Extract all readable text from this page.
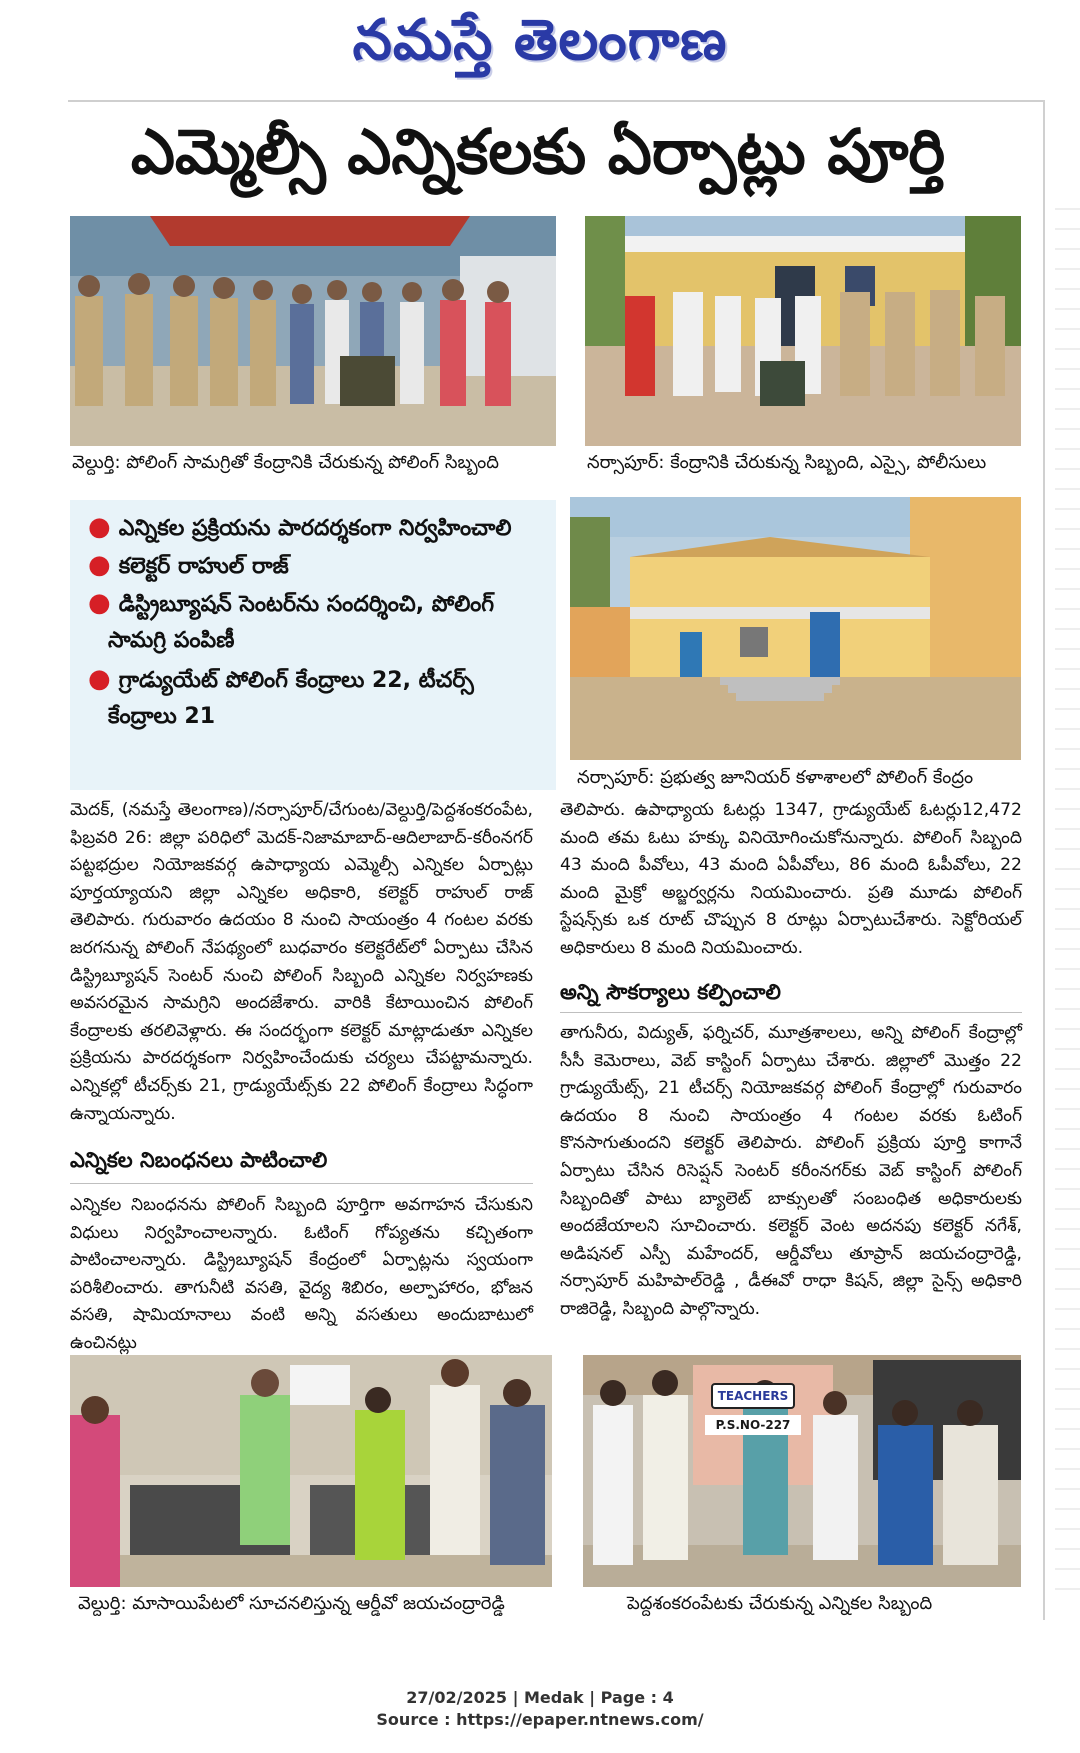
నమస్తే తెలంగాణ
ఎమ్మెల్సీ ఎన్నికలకు ఏర్పాట్లు పూర్తి
వెల్దుర్తి: పోలింగ్ సామగ్రితో కేంద్రానికి చేరుకున్న పోలింగ్ సిబ్బంది	నర్సాపూర్: కేంద్రానికి చేరుకున్న సిబ్బంది, ఎస్సై, పోలీసులు
● ఎన్నికల ప్రక్రియను పారదర్శకంగా నిర్వహించాలి
● కలెక్టర్ రాహుల్ రాజ్
● డిస్ట్రిబ్యూషన్ సెంటర్‌ను సందర్శించి, పోలింగ్
సామగ్రి పంపిణీ
● గ్రాడ్యుయేట్ పోలింగ్ కేంద్రాలు 22, టీచర్స్
కేంద్రాలు 21
నర్సాపూర్: ప్రభుత్వ జూనియర్ కళాశాలలో పోలింగ్ కేంద్రం

మెదక్, (నమస్తే తెలంగాణ)/నర్సాపూర్/చేగుంట/వెల్దుర్తి/పెద్దశంకరంపేట, ఫిబ్రవరి 26: జిల్లా పరిధిలో మెదక్-నిజామాబాద్-ఆదిలాబాద్-కరీంనగర్ పట్టభద్రుల నియోజకవర్గ ఉపాధ్యాయ ఎమ్మెల్సీ ఎన్నికల ఏర్పాట్లు పూర్తయ్యాయని జిల్లా ఎన్నికల అధికారి, కలెక్టర్ రాహుల్ రాజ్ తెలిపారు. గురువారం ఉదయం 8 నుంచి సాయంత్రం 4 గంటల వరకు జరగనున్న పోలింగ్ నేపథ్యంలో బుధవారం కలెక్టరేట్‌లో ఏర్పాటు చేసిన డిస్ట్రిబ్యూషన్ సెంటర్ నుంచి పోలింగ్ సిబ్బంది ఎన్నికల నిర్వహణకు అవసరమైన సామగ్రిని అందజేశారు. వారికి కేటాయించిన పోలింగ్ కేంద్రాలకు తరలివెళ్లారు. ఈ సందర్భంగా కలెక్టర్ మాట్లాడుతూ ఎన్నికల ప్రక్రియను పారదర్శకంగా నిర్వహించేందుకు చర్యలు చేపట్టామన్నారు. ఎన్నికల్లో టీచర్స్‌కు 21, గ్రాడ్యుయేట్స్‌కు 22 పోలింగ్ కేంద్రాలు సిద్ధంగా ఉన్నాయన్నారు.

ఎన్నికల నిబంధనలు పాటించాలి

ఎన్నికల నిబంధనను పోలింగ్ సిబ్బంది పూర్తిగా అవగాహన చేసుకుని విధులు నిర్వహించాలన్నారు. ఓటింగ్ గోప్యతను కచ్చితంగా పాటించాలన్నారు. డిస్ట్రిబ్యూషన్ కేంద్రంలో ఏర్పాట్లను స్వయంగా పరిశీలించారు. తాగునీటి వసతి, వైద్య శిబిరం, అల్పాహారం, భోజన వసతి, షామియానాలు వంటి అన్ని వసతులు అందుబాటులో ఉంచినట్లు

తెలిపారు. ఉపాధ్యాయ ఓటర్లు 1347, గ్రాడ్యుయేట్ ఓటర్లు12,472 మంది తమ ఓటు హక్కు వినియోగించుకోనున్నారు. పోలింగ్ సిబ్బంది 43 మంది పీవోలు, 43 మంది ఏపీవోలు, 86 మంది ఓపీవోలు, 22 మంది మైక్రో అబ్జర్వర్లను నియమించారు. ప్రతి మూడు పోలింగ్ స్టేషన్స్‌కు ఒక రూట్ చొప్పున 8 రూట్లు ఏర్పాటుచేశారు. సెక్టోరియల్ అధికారులు 8 మంది నియమించారు.

అన్ని సౌకర్యాలు కల్పించాలి

తాగునీరు, విద్యుత్, ఫర్నిచర్, మూత్రశాలలు, అన్ని పోలింగ్ కేంద్రాల్లో సీసీ కెమెరాలు, వెబ్ కాస్టింగ్ ఏర్పాటు చేశారు. జిల్లాలో మొత్తం 22 గ్రాడ్యుయేట్స్, 21 టీచర్స్ నియోజకవర్గ పోలింగ్ కేంద్రాల్లో గురువారం ఉదయం 8 నుంచి సాయంత్రం 4 గంటల వరకు ఓటింగ్ కొనసాగుతుందని కలెక్టర్ తెలిపారు. పోలింగ్ ప్రక్రియ పూర్తి కాగానే ఏర్పాటు చేసిన రిసెప్షన్ సెంటర్ కరీంనగర్‌కు వెబ్ కాస్టింగ్ పోలింగ్ సిబ్బందితో పాటు బ్యాలెట్ బాక్సులతో సంబంధిత అధికారులకు అందజేయాలని సూచించారు. కలెక్టర్ వెంట అదనపు కలెక్టర్ నగేశ్, అడిషనల్ ఎస్పీ మహేందర్, ఆర్డీవోలు తూప్రాన్ జయచంద్రారెడ్డి, నర్సాపూర్ మహిపాల్‌రెడ్డి , డీఈవో రాధా కిషన్, జిల్లా సైన్స్ అధికారి రాజిరెడ్డి, సిబ్బంది పాల్గొన్నారు.

వెల్దుర్తి: మాసాయిపేటలో సూచనలిస్తున్న ఆర్డీవో జయచంద్రారెడ్డి
TEACHERS
P.S.NO-227
పెద్దశంకరంపేటకు చేరుకున్న ఎన్నికల సిబ్బంది
27/02/2025 | Medak | Page : 4
Source : https://epaper.ntnews.com/
